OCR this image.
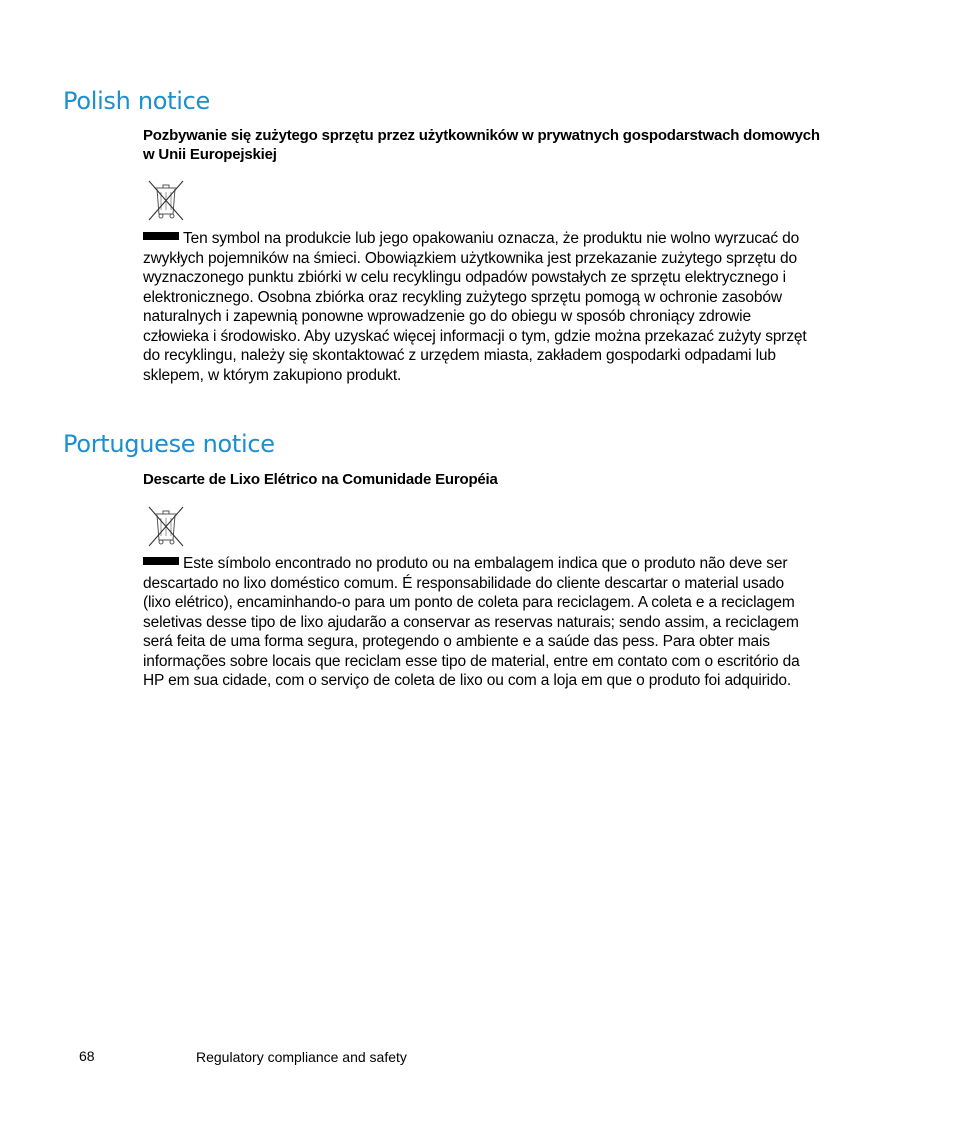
Polish notice

Pozbywanie się zużytego sprzętu przez użytkowników w prywatnych gospodarstwach domowych w Unii Europejskiej

Ten symbol na produkcie lub jego opakowaniu oznacza, że produktu nie wolno wyrzucać do zwykłych pojemników na śmieci. Obowiązkiem użytkownika jest przekazanie zużytego sprzętu do wyznaczonego punktu zbiórki w celu recyklingu odpadów powstałych ze sprzętu elektrycznego i elektronicznego. Osobna zbiórka oraz recykling zużytego sprzętu pomogą w ochronie zasobów naturalnych i zapewnią ponowne wprowadzenie go do obiegu w sposób chroniący zdrowie człowieka i środowisko. Aby uzyskać więcej informacji o tym, gdzie można przekazać zużyty sprzęt do recyklingu, należy się skontaktować z urzędem miasta, zakładem gospodarki odpadami lub sklepem, w którym zakupiono produkt.

Portuguese notice

Descarte de Lixo Elétrico na Comunidade Européia

Este símbolo encontrado no produto ou na embalagem indica que o produto não deve ser descartado no lixo doméstico comum. É responsabilidade do cliente descartar o material usado (lixo elétrico), encaminhando-o para um ponto de coleta para reciclagem. A coleta e a reciclagem seletivas desse tipo de lixo ajudarão a conservar as reservas naturais; sendo assim, a reciclagem será feita de uma forma segura, protegendo o ambiente e a saúde das pess. Para obter mais informações sobre locais que reciclam esse tipo de material, entre em contato com o escritório da HP em sua cidade, com o serviço de coleta de lixo ou com a loja em que o produto foi adquirido.

68	Regulatory compliance and safety
